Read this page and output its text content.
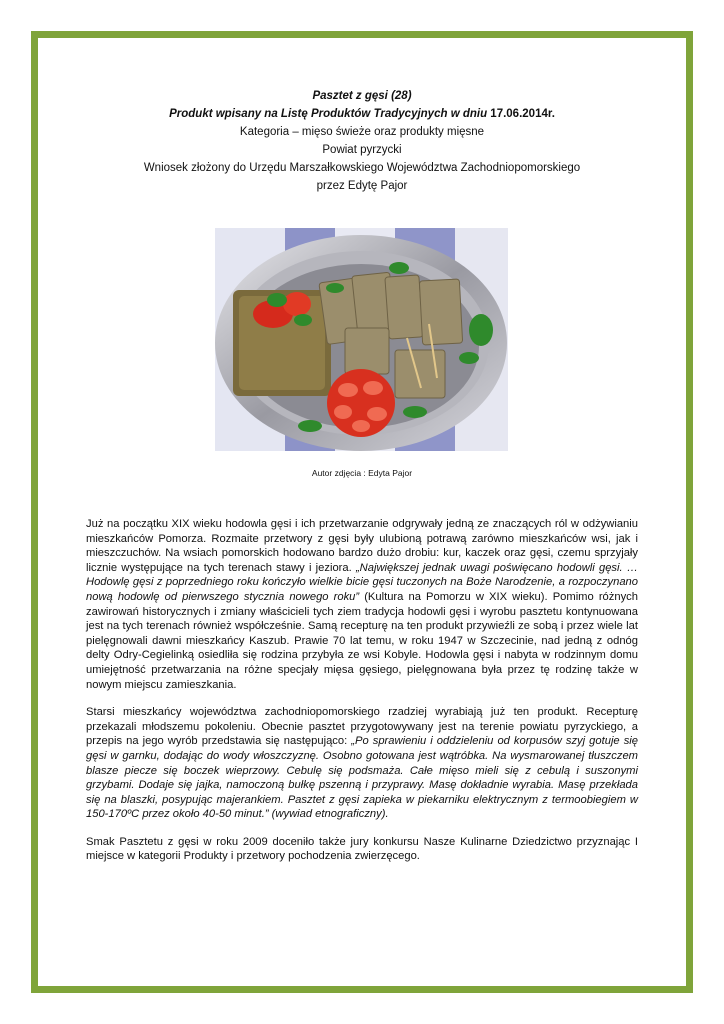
Pasztet z gęsi (28)
Produkt wpisany na Listę Produktów Tradycyjnych w dniu 17.06.2014r.
Kategoria – mięso świeże oraz produkty mięsne
Powiat pyrzycki
Wniosek złożony do Urzędu Marszałkowskiego Województwa Zachodniopomorskiego
przez Edytę Pajor
Autor zdjęcia : Edyta Pajor

Już na początku XIX wieku hodowla gęsi i ich przetwarzanie odgrywały jedną ze znaczących ról w odżywianiu mieszkańców Pomorza. Rozmaite przetwory z gęsi były ulubioną potrawą zarówno mieszkańców wsi, jak i mieszczuchów. Na wsiach pomorskich hodowano bardzo dużo drobiu: kur, kaczek oraz gęsi, czemu sprzyjały licznie występujące na tych terenach stawy i jeziora. „Największej jednak uwagi poświęcano hodowli gęsi. … Hodowlę gęsi z poprzedniego roku kończyło wielkie bicie gęsi tuczonych na Boże Narodzenie, a rozpoczynano nową hodowlę od pierwszego stycznia nowego roku” (Kultura na Pomorzu w XIX wieku). Pomimo różnych zawirowań historycznych i zmiany właścicieli tych ziem tradycja hodowli gęsi i wyrobu pasztetu kontynuowana jest na tych terenach również współcześnie. Samą recepturę na ten produkt przywieźli ze sobą i przez wiele lat pielęgnowali dawni mieszkańcy Kaszub. Prawie 70 lat temu, w roku 1947 w Szczecinie, nad jedną z odnóg delty Odry-Cegielinką osiedliła się rodzina przybyła ze wsi Kobyle. Hodowla gęsi i nabyta w rodzinnym domu umiejętność przetwarzania na różne specjały mięsa gęsiego, pielęgnowana była przez tę rodzinę także w nowym miejscu zamieszkania.

Starsi mieszkańcy województwa zachodniopomorskiego rzadziej wyrabiają już ten produkt. Recepturę przekazali młodszemu pokoleniu. Obecnie pasztet przygotowywany jest na terenie powiatu pyrzyckiego, a przepis na jego wyrób przedstawia się następująco: „Po sprawieniu i oddzieleniu od korpusów szyj gotuje się gęsi w garnku, dodając do wody włoszczyznę. Osobno gotowana jest wątróbka. Na wysmarowanej tłuszczem blasze piecze się boczek wieprzowy. Cebulę się podsmaża. Całe mięso mieli się z cebulą i suszonymi grzybami. Dodaje się jajka, namoczoną bułkę pszenną i przyprawy. Masę dokładnie wyrabia. Masę przekłada się na blaszki, posypując majerankiem. Pasztet z gęsi zapieka w piekarniku elektrycznym z termoobiegiem w 150-170ºC przez około 40-50 minut.” (wywiad etnograficzny).

Smak Pasztetu z gęsi w roku 2009 doceniło także jury konkursu Nasze Kulinarne Dziedzictwo przyznając I miejsce w kategorii Produkty i przetwory pochodzenia zwierzęcego.
